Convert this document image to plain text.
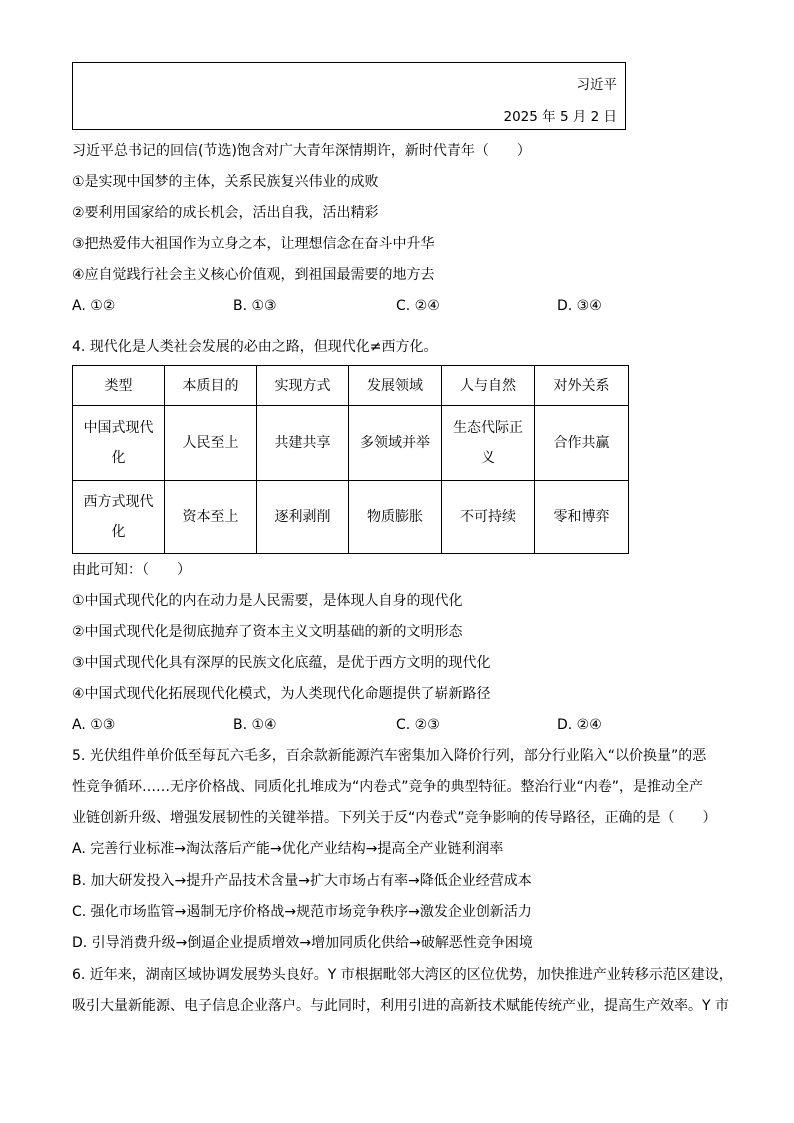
习近平
2025 年 5 月 2 日
习近平总书记的回信(节选)饱含对广大青年深情期许，新时代青年（　　）
①是实现中国梦的主体，关系民族复兴伟业的成败
②要利用国家给的成长机会，活出自我，活出精彩
③把热爱伟大祖国作为立身之本，让理想信念在奋斗中升华
④应自觉践行社会主义核心价值观，到祖国最需要的地方去
A. ①②	B. ①③	C. ②④	D. ③④
4. 现代化是人类社会发展的必由之路，但现代化≠西方化。
类型	本质目的	实现方式	发展领域	人与自然	对外关系
中国式现代化	人民至上	共建共享	多领域并举	生态代际正义	合作共赢
西方式现代化	资本至上	逐利剥削	物质膨胀	不可持续	零和博弈
由此可知：（　　）
①中国式现代化的内在动力是人民需要，是体现人自身的现代化
②中国式现代化是彻底抛弃了资本主义文明基础的新的文明形态
③中国式现代化具有深厚的民族文化底蕴，是优于西方文明的现代化
④中国式现代化拓展现代化模式，为人类现代化命题提供了崭新路径
A. ①③	B. ①④	C. ②③	D. ②④
5. 光伏组件单价低至每瓦六毛多，百余款新能源汽车密集加入降价行列，部分行业陷入“以价换量”的恶
性竞争循环……无序价格战、同质化扎堆成为“内卷式”竞争的典型特征。整治行业“内卷”，是推动全产
业链创新升级、增强发展韧性的关键举措。下列关于反“内卷式”竞争影响的传导路径，正确的是（　　）
A. 完善行业标准→淘汰落后产能→优化产业结构→提高全产业链利润率
B. 加大研发投入→提升产品技术含量→扩大市场占有率→降低企业经营成本
C. 强化市场监管→遏制无序价格战→规范市场竞争秩序→激发企业创新活力
D. 引导消费升级→倒逼企业提质增效→增加同质化供给→破解恶性竞争困境
6. 近年来，湖南区域协调发展势头良好。Y 市根据毗邻大湾区的区位优势，加快推进产业转移示范区建设，
吸引大量新能源、电子信息企业落户。与此同时，利用引进的高新技术赋能传统产业，提高生产效率。Y 市
